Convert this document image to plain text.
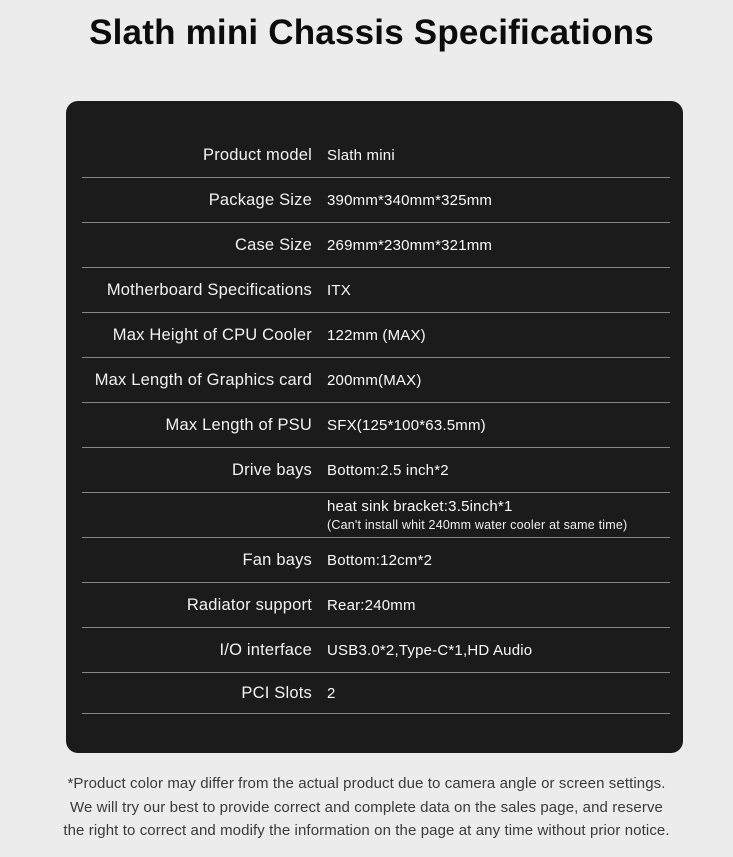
Slath mini Chassis Specifications
Product model Slath mini
Package Size 390mm*340mm*325mm
Case Size 269mm*230mm*321mm
Motherboard Specifications ITX
Max Height of CPU Cooler 122mm (MAX)
Max Length of Graphics card 200mm(MAX)
Max Length of PSU SFX(125*100*63.5mm)
Drive bays Bottom:2.5 inch*2
heat sink bracket:3.5inch*1
(Can't install whit 240mm water cooler at same time)
Fan bays Bottom:12cm*2
Radiator support Rear:240mm
I/O interface USB3.0*2,Type-C*1,HD Audio
PCI Slots 2
*Product color may differ from the actual product due to camera angle or screen settings.
We will try our best to provide correct and complete data on the sales page, and reserve
the right to correct and modify the information on the page at any time without prior notice.
